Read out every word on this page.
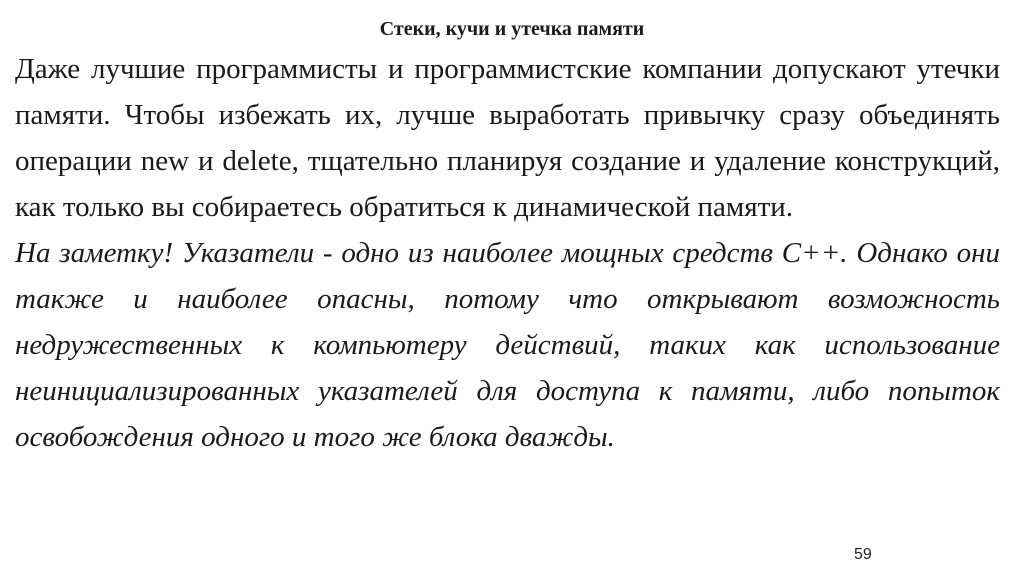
Стеки, кучи и утечка памяти

Даже лучшие программисты и программистские компании допускают утечки памяти. Чтобы избежать их, лучше выработать привычку сразу объединять операции new и delete, тщательно планируя создание и удаление конструкций, как только вы собираетесь обратиться к динамической памяти.

На заметку! Указатели - одно из наиболее мощных средств С++. Однако они также и наиболее опасны, потому что открывают возможность недружественных к компьютеру действий, таких как использование неинициализированных указателей для доступа к памяти, либо попыток освобождения одного и того же блока дважды.

59
